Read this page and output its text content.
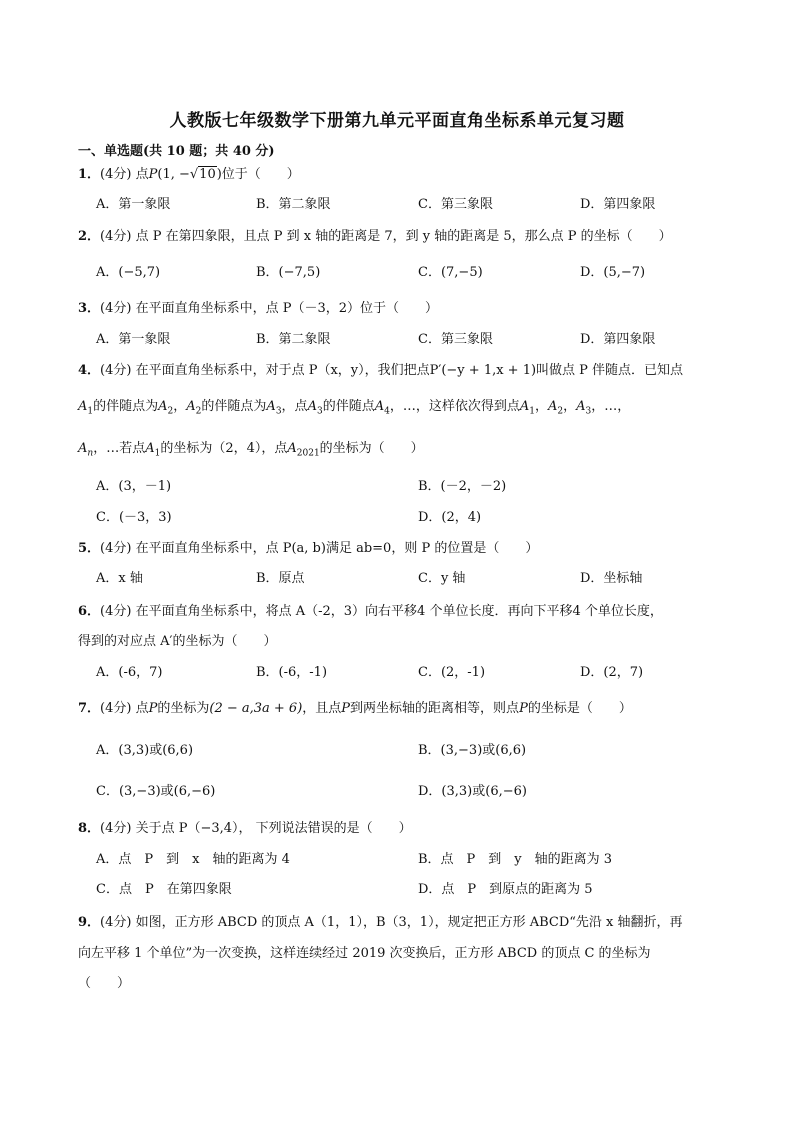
人教版七年级数学下册第九单元平面直角坐标系单元复习题
一、单选题(共 10 题；共 40 分)
1．(4分) 点P(1, −√10)位于（　　）
A．第一象限	B．第二象限	C．第三象限	D．第四象限
2．(4分) 点 P 在第四象限，且点 P 到 x 轴的距离是 7，到 y 轴的距离是 5，那么点 P 的坐标（　　）
A．(−5,7)	B．(−7,5)	C．(7,−5)	D．(5,−7)
3．(4分) 在平面直角坐标系中，点 P（－3，2）位于（　　）
A．第一象限	B．第二象限	C．第三象限	D．第四象限
4．(4分) 在平面直角坐标系中，对于点 P（x，y），我们把点P′(−y + 1,x + 1)叫做点 P 伴随点．已知点
$A_1$的伴随点为$A_2$，$A_2$的伴随点为$A_3$，点$A_3$的伴随点$A_4$，…，这样依次得到点$A_1$，$A_2$，$A_3$，…，
$A_n$，…若点$A_1$的坐标为（2，4），点$A_{2021}$的坐标为（　　）
A．(3，－1)	B．(－2，－2)
C．(－3，3)	D．(2，4)
5．(4分) 在平面直角坐标系中，点 P(a, b)满足 ab=0，则 P 的位置是（　　）
A．x 轴	B．原点	C．y 轴	D．坐标轴
6．(4分) 在平面直角坐标系中，将点 A（-2，3）向右平移4 个单位长度．再向下平移4 个单位长度，
得到的对应点 A′的坐标为（　　）
A．(-6，7)	B．(-6，-1)	C．(2，-1)	D．(2，7)
7．(4分) 点P的坐标为(2 − a,3a + 6)，且点P到两坐标轴的距离相等，则点P的坐标是（　　）
A．(3,3)或(6,6)	B．(3,−3)或(6,6)
C．(3,−3)或(6,−6)	D．(3,3)或(6,−6)
8．(4分) 关于点 P（−3,4）， 下列说法错误的是（　　）
A．点　P　到　x　轴的距离为 4	B．点　P　到　y　轴的距离为 3
C．点　P　在第四象限	D．点　P　到原点的距离为 5
9．(4分) 如图，正方形 ABCD 的顶点 A（1，1），B（3，1），规定把正方形 ABCD“先沿 x 轴翻折，再
向左平移 1 个单位”为一次变换，这样连续经过 2019 次变换后，正方形 ABCD 的顶点 C 的坐标为
（　　）
